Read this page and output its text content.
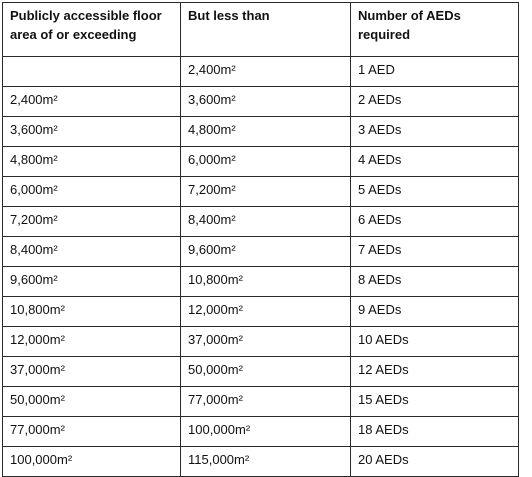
Publicly accessible floor area of or exceeding	But less than	Number of AEDs required
	2,400m²	1 AED
2,400m²	3,600m²	2 AEDs
3,600m²	4,800m²	3 AEDs
4,800m²	6,000m²	4 AEDs
6,000m²	7,200m²	5 AEDs
7,200m²	8,400m²	6 AEDs
8,400m²	9,600m²	7 AEDs
9,600m²	10,800m²	8 AEDs
10,800m²	12,000m²	9 AEDs
12,000m²	37,000m²	10 AEDs
37,000m²	50,000m²	12 AEDs
50,000m²	77,000m²	15 AEDs
77,000m²	100,000m²	18 AEDs
100,000m²	115,000m²	20 AEDs
